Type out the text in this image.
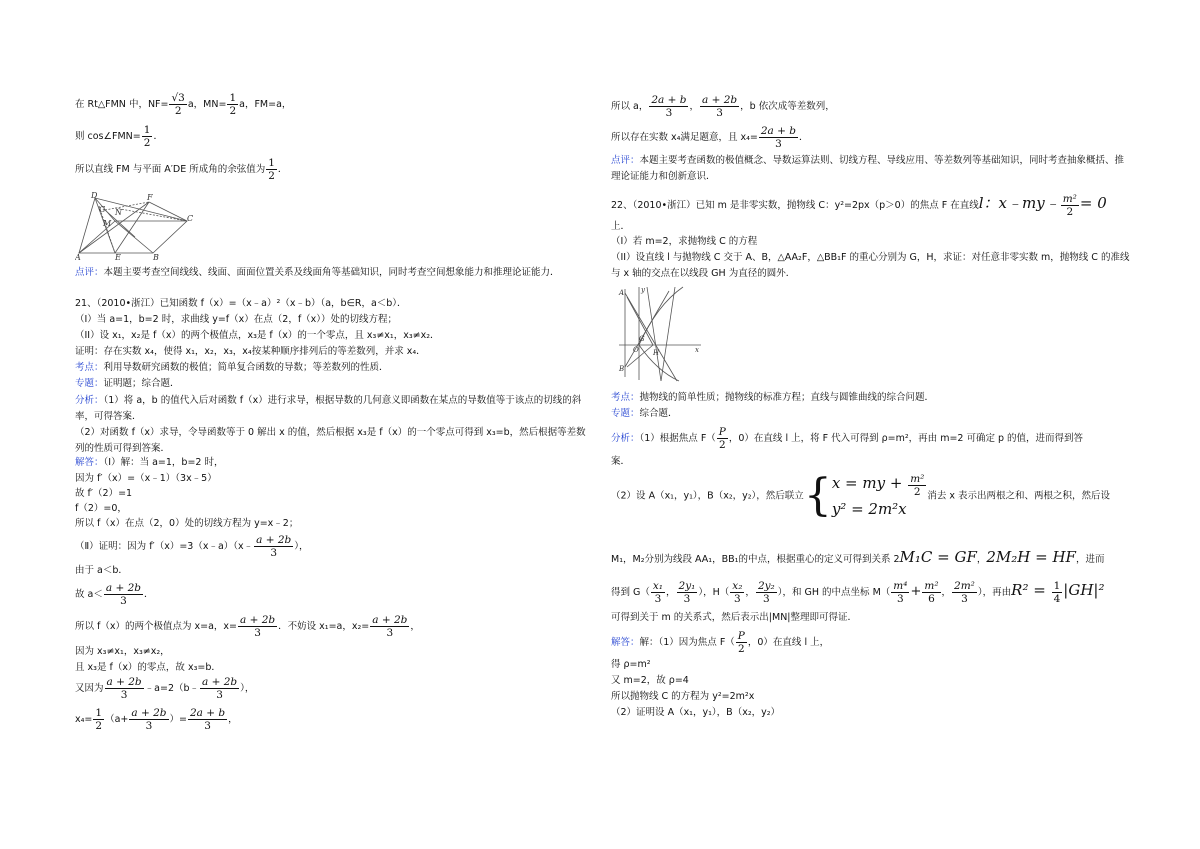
在 Rt△FMN 中，$NF= \frac{√3}{2}$ a，$MN= \frac{1}{2}$ a，FM=a，
则 cos∠FMN= $\frac{1}{2}$ ．
所以直线 FM 与平面 A′DE 所成角的余弦值为 $\frac{1}{2}$ ．
G
D
N
M
F
C
A	E	B
点评：本题主要考查空间线线、线面、面面位置关系及线面角等基础知识，同时考查空间想象能力和推理论证能力．
21、（2010•浙江）已知函数 f（x）=（x﹣a）²（x﹣b）（a，b∈R，a＜b）．
（I）当 a=1，b=2 时，求曲线 y=f（x）在点（2，f（x））处的切线方程；
（II）设 x₁，x₂是 f（x）的两个极值点，x₃是 f（x）的一个零点，且 x₃≠x₁，x₃≠x₂．
证明：存在实数 x₄，使得 x₁，x₂，x₃，x₄按某种顺序排列后的等差数列，并求 x₄．
考点：利用导数研究函数的极值；简单复合函数的导数；等差数列的性质．
专题：证明题；综合题．
分析：（1）将 a，b 的值代入后对函数 f（x）进行求导，根据导数的几何意义即函数在某点的导数值等于该点的切线的斜率，可得答案．
（2）对函数 f（x）求导，令导函数等于 0 解出 x 的值，然后根据 x₃是 f（x）的一个零点可得到 x₃=b，然后根据等差数列的性质可得到答案．
解答：（Ⅰ）解：当 a=1，b=2 时，
因为 f′（x）=（x﹣1）（3x﹣5）
故 f′（2）=1
f（2）=0，
所以 f（x）在点（2，0）处的切线方程为 y=x﹣2；
（Ⅱ）证明：因为 f′（x）=3（x﹣a）（x﹣ $\frac{a + 2b}{3}$ ），
由于 a＜b．
故 $a< \frac{a + 2b}{3}$ ．
所以 f（x）的两个极值点为 x=a，$x= \frac{a + 2b}{3}$ ．不妨设 x₁=a，$x_2= \frac{a + 2b}{3}$ ，
因为 x₃≠x₁，x₃≠x₂，
且 x₃是 f（x）的零点，故 x₃=b．
又因为 $\frac{a + 2b}{3}$ ﹣a=2（b﹣ $\frac{a + 2b}{3}$ ），
$x_4= \frac{1}{2} (a+ \frac{a + 2b}{3}$ ）= $\frac{2a + b}{3}$ ，
所以 a， $\frac{2a + b}{3}$ ， $\frac{a + 2b}{3}$ ，b 依次成等差数列，
所以存在实数 x₄满足题意，且 $x_4= \frac{2a + b}{3}$ ．
点评：本题主要考查函数的极值概念、导数运算法则、切线方程、导线应用、等差数列等基础知识，同时考查抽象概括、推理论证能力和创新意识．
22、（2010•浙江）已知 m 是非零实数，抛物线 C：y²=2px（p＞0）的焦点 F 在直线l：x﹣my﹣ $\frac{\text{m²}}{2} = 0$
上．
（I）若 m=2，求抛物线 C 的方程
（II）设直线 l 与抛物线 C 交于 A、B，△AA₂F，△BB₁F 的重心分别为 G，H，求证：对任意非零实数 m，抛物线 C 的准线与 x 轴的交点在以线段 GH 为直径的圆外．
A y
G
O H
B
x
考点：抛物线的简单性质；抛物线的标准方程；直线与圆锥曲线的综合问题．
专题：综合题．
分析：（1）根据焦点 $F( \frac{P}{2}$ ，0）在直线 l 上，将 F 代入可得到 ρ=m²，再由 m=2 可确定 p 的值，进而得到答
案．
（2）设 A（x₁，y₁），B（x₂，y₂），然后联立{ x = my + $\frac{\text{m²}}{2}$
y² = 2m²x
消去 x 表示出两根之和、两根之积，然后设
M₁，M₂分别为线段 AA₁，BB₁的中点，根据重心的定义可得到关系 2M₁C = GF，2M₂H = HF，进而
得到 $G( \frac{\text{x₁}}{3}$ ， $\frac{\text{2y₁}}{3}$ ），$H( \frac{\text{x₂}}{3}$ ， $\frac{\text{2y₂}}{3}$ ），和 GH 的中点坐标 $M( \frac{\text{m⁴}}{3} + \frac{\text{m²}}{6}$ ， $\frac{\text{2m²}}{3}$ ），再由$R^2 = \frac{1}{4} |GH|^2$
可得到关于 m 的关系式，然后表示出|MN|整理即可得证．
解答：解：（1）因为焦点 $F( \frac{P}{2}$ ，0）在直线 l 上，
得 ρ=m²
又 m=2，故 ρ=4
所以抛物线 C 的方程为 y²=2m²x
（2）证明设 A（x₁，y₁），B（x₂，y₂）
